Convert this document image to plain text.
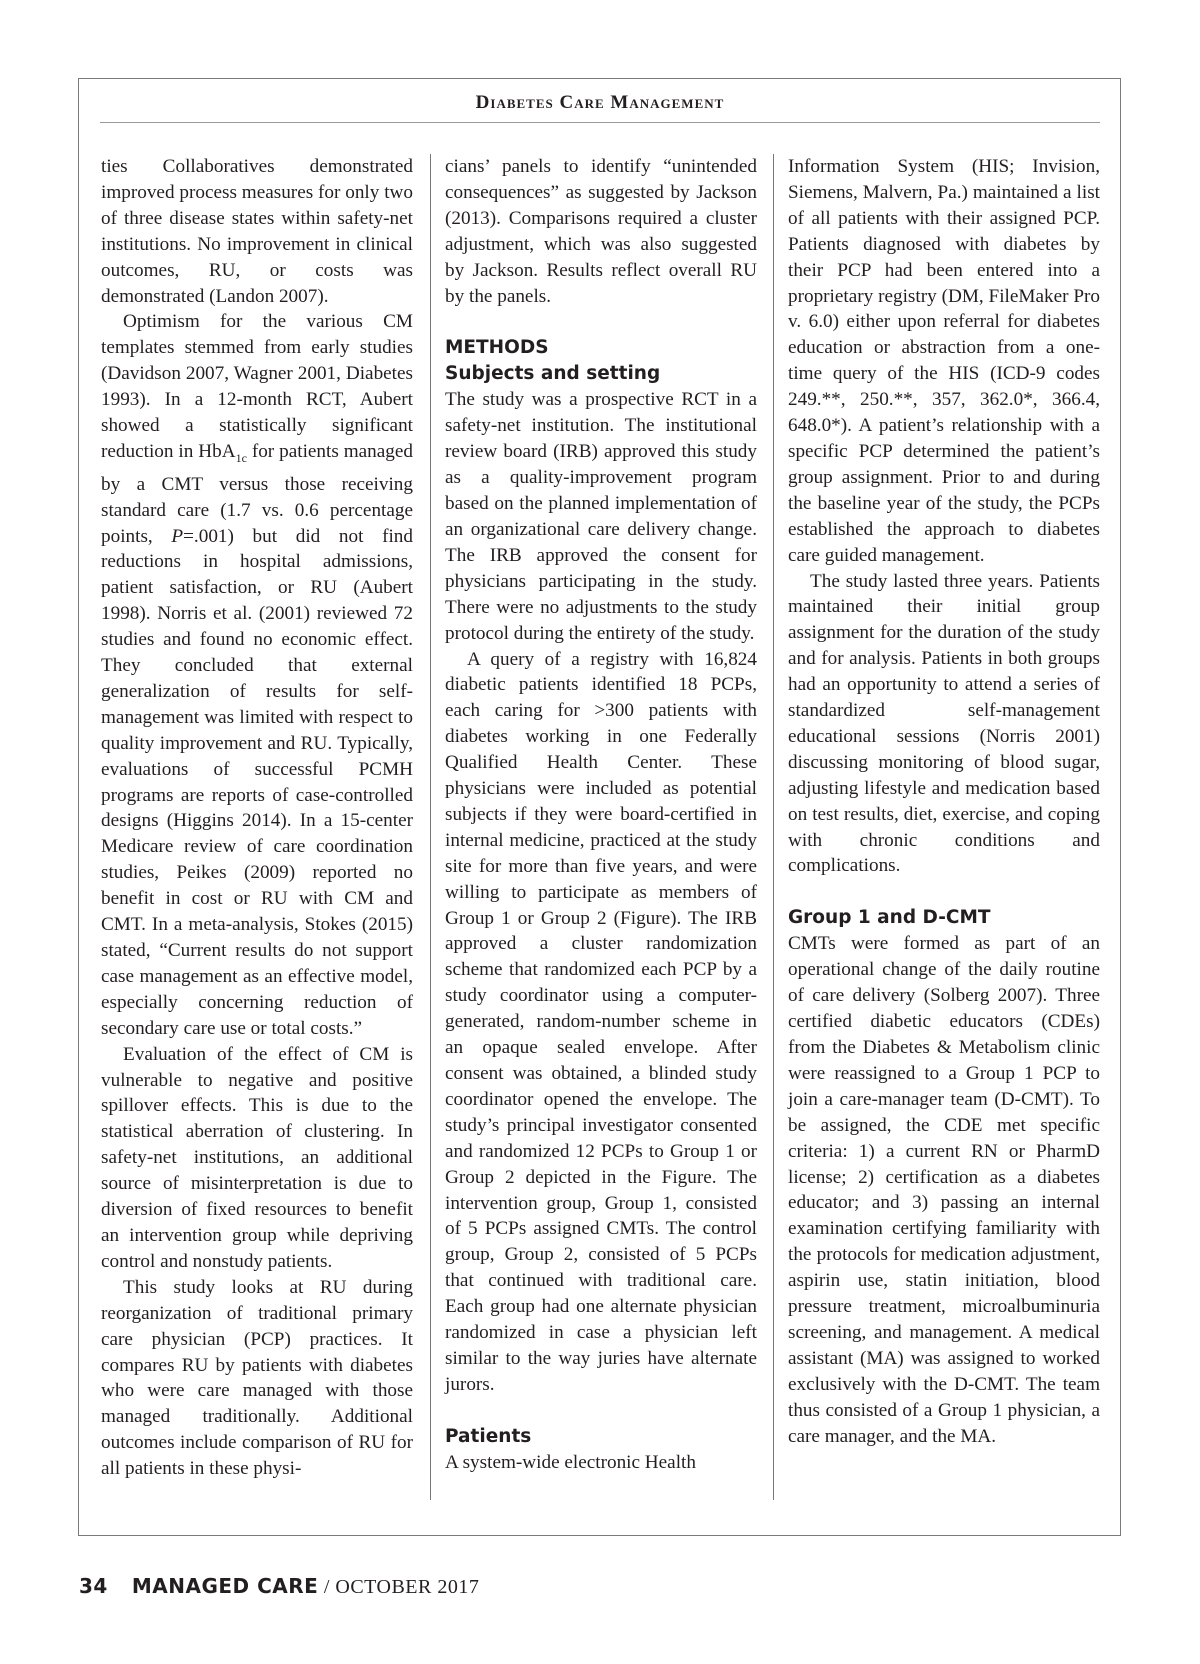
Diabetes Care Management

ties Collaboratives demonstrated improved process measures for only two of three disease states within safety-net institutions. No improvement in clinical outcomes, RU, or costs was demonstrated (Landon 2007).

Optimism for the various CM templates stemmed from early studies (Davidson 2007, Wagner 2001, Diabetes 1993). In a 12-month RCT, Aubert showed a statistically significant reduction in HbA$_{1c}$ for patients managed by a CMT versus those receiving standard care (1.7 vs. 0.6 percentage points, P=.001) but did not find reductions in hospital admissions, patient satisfaction, or RU (Aubert 1998). Norris et al. (2001) reviewed 72 studies and found no economic effect. They concluded that external generalization of results for self-management was limited with respect to quality improvement and RU. Typically, evaluations of successful PCMH programs are reports of case-controlled designs (Higgins 2014). In a 15-center Medicare review of care coordination studies, Peikes (2009) reported no benefit in cost or RU with CM and CMT. In a meta-analysis, Stokes (2015) stated, “Current results do not support case management as an effective model, especially concerning reduction of secondary care use or total costs.”

Evaluation of the effect of CM is vulnerable to negative and positive spillover effects. This is due to the statistical aberration of clustering. In safety-net institutions, an additional source of misinterpretation is due to diversion of fixed resources to benefit an intervention group while depriving control and nonstudy patients.

This study looks at RU during reorganization of traditional primary care physician (PCP) practices. It compares RU by patients with diabetes who were care managed with those managed traditionally. Additional outcomes include comparison of RU for all patients in these physi-

cians’ panels to identify “unintended consequences” as suggested by Jackson (2013). Comparisons required a cluster adjustment, which was also suggested by Jackson. Results reflect overall RU by the panels.

METHODS
Subjects and setting

The study was a prospective RCT in a safety-net institution. The institutional review board (IRB) approved this study as a quality-improvement program based on the planned implementation of an organizational care delivery change. The IRB approved the consent for physicians participating in the study. There were no adjustments to the study protocol during the entirety of the study.

A query of a registry with 16,824 diabetic patients identified 18 PCPs, each caring for >300 patients with diabetes working in one Federally Qualified Health Center. These physicians were included as potential subjects if they were board-certified in internal medicine, practiced at the study site for more than five years, and were willing to participate as members of Group 1 or Group 2 (Figure). The IRB approved a cluster randomization scheme that randomized each PCP by a study coordinator using a computer-generated, random-number scheme in an opaque sealed envelope. After consent was obtained, a blinded study coordinator opened the envelope. The study’s principal investigator consented and randomized 12 PCPs to Group 1 or Group 2 depicted in the Figure. The intervention group, Group 1, consisted of 5 PCPs assigned CMTs. The control group, Group 2, consisted of 5 PCPs that continued with traditional care. Each group had one alternate physician randomized in case a physician left similar to the way juries have alternate jurors.

Patients

A system-wide electronic Health

Information System (HIS; Invision, Siemens, Malvern, Pa.) maintained a list of all patients with their assigned PCP. Patients diagnosed with diabetes by their PCP had been entered into a proprietary registry (DM, FileMaker Pro v. 6.0) either upon referral for diabetes education or abstraction from a one-time query of the HIS (ICD-9 codes 249.**, 250.**, 357, 362.0*, 366.4, 648.0*). A patient’s relationship with a specific PCP determined the patient’s group assignment. Prior to and during the baseline year of the study, the PCPs established the approach to diabetes care guided management.

The study lasted three years. Patients maintained their initial group assignment for the duration of the study and for analysis. Patients in both groups had an opportunity to attend a series of standardized self-management educational sessions (Norris 2001) discussing monitoring of blood sugar, adjusting lifestyle and medication based on test results, diet, exercise, and coping with chronic conditions and complications.

Group 1 and D-CMT

CMTs were formed as part of an operational change of the daily routine of care delivery (Solberg 2007). Three certified diabetic educators (CDEs) from the Diabetes & Metabolism clinic were reassigned to a Group 1 PCP to join a care-manager team (D-CMT). To be assigned, the CDE met specific criteria: 1) a current RN or PharmD license; 2) certification as a diabetes educator; and 3) passing an internal examination certifying familiarity with the protocols for medication adjustment, aspirin use, statin initiation, blood pressure treatment, microalbuminuria screening, and management. A medical assistant (MA) was assigned to worked exclusively with the D-CMT. The team thus consisted of a Group 1 physician, a care manager, and the MA.

34 MANAGED CARE / OCTOBER 2017
